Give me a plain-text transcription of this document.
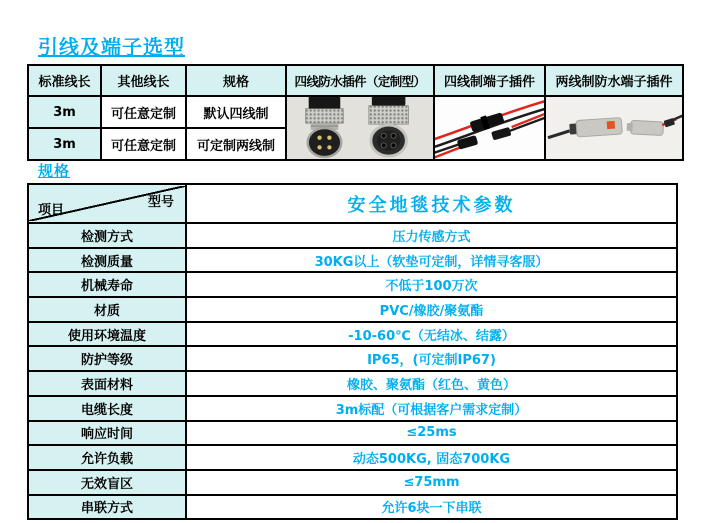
引线及端子选型
标准线长	其他线长	规格	四线防水插件（定制型）	四线制端子插件	两线制防水端子插件
3m	可任意定制	默认四线制	

3m	可任意定制	可定制两线制			
规格
项目
型号	安全地毯技术参数
检测方式	压力传感方式
检测质量	30KG以上（软垫可定制，详情寻客服）
机械寿命	不低于100万次
材质	PVC/橡胶/聚氨酯
使用环境温度	-10-60℃（无结冰、结露）
防护等级	IP65，(可定制IP67)
表面材料	橡胶、聚氨酯（红色、黄色）
电缆长度	3m标配（可根据客户需求定制）
响应时间	≤25ms
允许负载	动态500KG, 固态700KG
无效盲区	≤75mm
串联方式	允许6块一下串联
